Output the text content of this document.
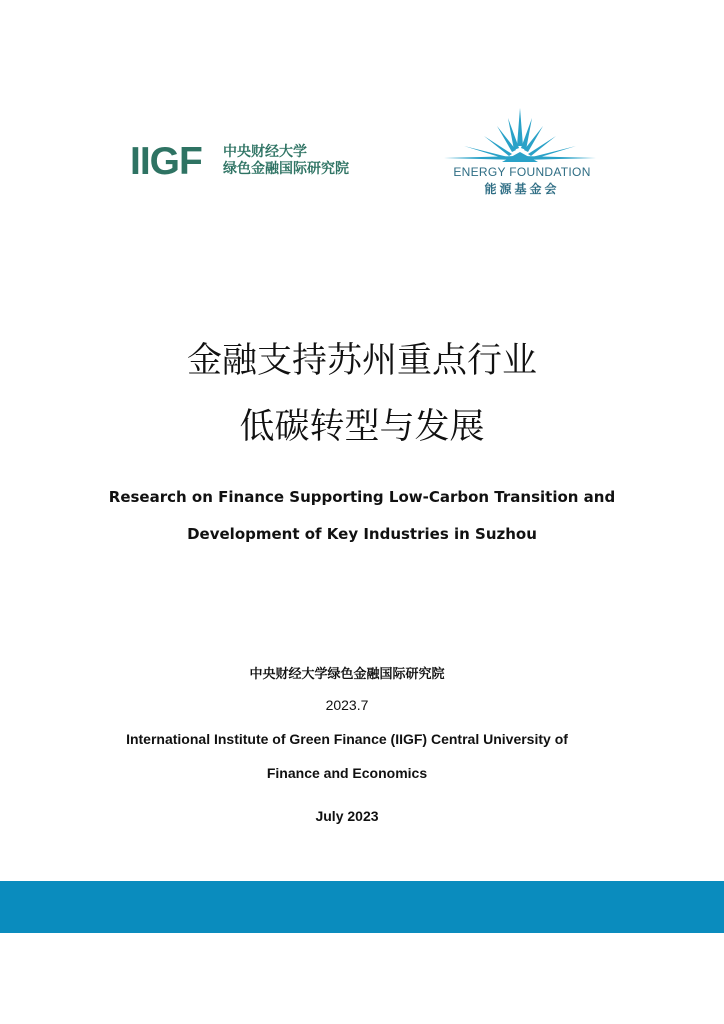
IIGF 中央财经大学
绿色金融国际研究院	ENERGY FOUNDATION
能源基金会
金融支持苏州重点行业
低碳转型与发展
Research on Finance Supporting Low-Carbon Transition and
Development of Key Industries in Suzhou
中央财经大学绿色金融国际研究院
2023.7
International Institute of Green Finance (IIGF) Central University of
Finance and Economics
July 2023
